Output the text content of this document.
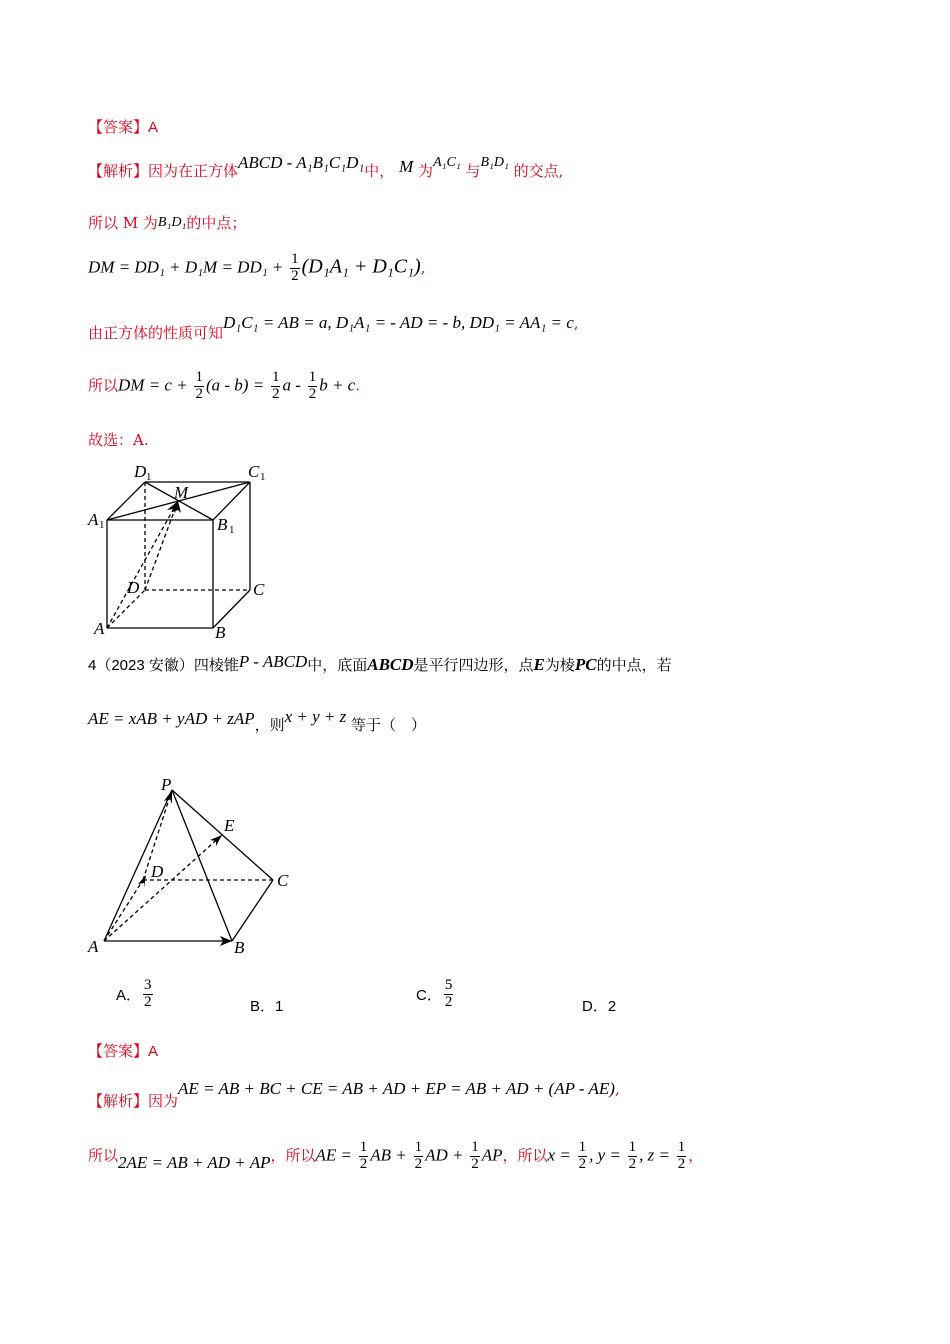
【答案】A
【解析】因为在正方体ABCD - A₁B₁C₁D₁中， M 为A₁C₁ 与B₁D₁ 的交点,
所以 M 为B₁D₁的中点；
DM = $DD_1 + D_1M = DD_1 + \frac{1}{2} (D_1A_1 + D_1C_1)$,
由正方体的性质可知D₁C₁ = AB = a, D₁A₁ = - AD = - b, DD₁ = AA₁ = c,
所以DM = $c + \frac{1}{2} (a - b) = \frac{1}{2}$ a - $\frac{1}{2}$ b + c.
故选：A.
D 1	C 1
M
A 1	B 1
D	C
A	B
4（2023 安徽）四棱锥P - ABCD中，底面ABCD是平行四边形，点E为棱PC的中点，若
AE = xAB + yAD + zAP，则x + y + z 等于（　）
P
E
D	C
A	B
A． $\frac{3}{2}$	B．1
C． $\frac{5}{2}$	D．2
【答案】A
【解析】因为AE = AB + BC + CE = AB + AD + EP = AB + AD + (AP - AE),
所以2AE = AB + AD + AP，所以AE = $\frac{1}{2}$ AB + $\frac{1}{2}$ AD + $\frac{1}{2}$ AP，所以$x = \frac{1}{2}$ , $y = \frac{1}{2}$ , $z = \frac{1}{2}$ ，
